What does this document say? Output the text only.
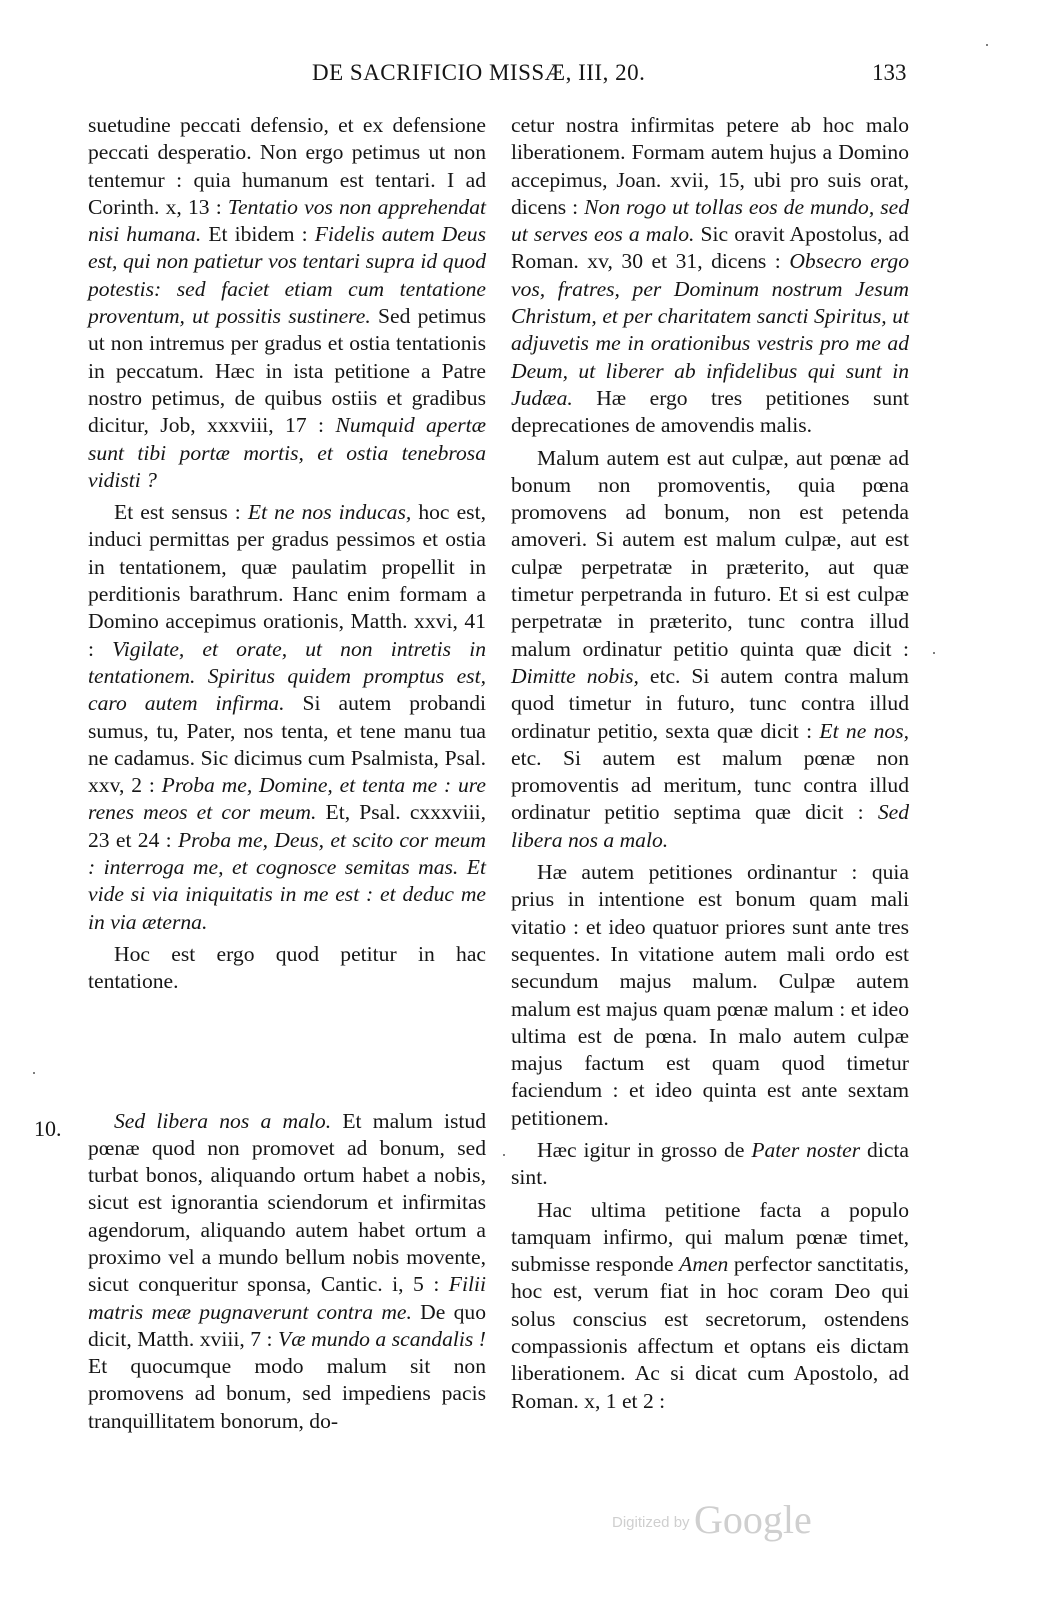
DE SACRIFICIO MISSÆ, III, 20.	133
10.

suetudine peccati defensio, et ex defensione peccati desperatio. Non ergo petimus ut non tentemur : quia humanum est tentari. I ad Corinth. x, 13 : Tentatio vos non apprehendat nisi humana. Et ibidem : Fidelis autem Deus est, qui non patietur vos tentari supra id quod potestis: sed faciet etiam cum tentatione proventum, ut possitis sustinere. Sed petimus ut non intremus per gradus et ostia tentationis in peccatum. Hæc in ista petitione a Patre nostro petimus, de quibus ostiis et gradibus dicitur, Job, xxxviii, 17 : Numquid apertæ sunt tibi portæ mortis, et ostia tenebrosa vidisti ?

Et est sensus : Et ne nos inducas, hoc est, induci permittas per gradus pessimos et ostia in tentationem, quæ paulatim propellit in perditionis barathrum. Hanc enim formam a Domino accepimus orationis, Matth. xxvi, 41 : Vigilate, et orate, ut non intretis in tentationem. Spiritus quidem promptus est, caro autem infirma. Si autem probandi sumus, tu, Pater, nos tenta, et tene manu tua ne cadamus. Sic dicimus cum Psalmista, Psal. xxv, 2 : Proba me, Domine, et tenta me : ure renes meos et cor meum. Et, Psal. cxxxviii, 23 et 24 : Proba me, Deus, et scito cor meum : interroga me, et cognosce semitas mas. Et vide si via iniquitatis in me est : et deduc me in via æterna.

Hoc est ergo quod petitur in hac tentatione.

Sed libera nos a malo. Et malum istud pœnæ quod non promovet ad bonum, sed turbat bonos, aliquando ortum habet a nobis, sicut est ignorantia sciendorum et infirmitas agendorum, aliquando autem habet ortum a proximo vel a mundo bellum nobis movente, sicut conqueritur sponsa, Cantic. i, 5 : Filii matris meæ pugnaverunt contra me. De quo dicit, Matth. xviii, 7 : Væ mundo a scandalis ! Et quocumque modo malum sit non promovens ad bonum, sed impediens pacis tranquillitatem bonorum, do-

cetur nostra infirmitas petere ab hoc malo liberationem. Formam autem hujus a Domino accepimus, Joan. xvii, 15, ubi pro suis orat, dicens : Non rogo ut tollas eos de mundo, sed ut serves eos a malo. Sic oravit Apostolus, ad Roman. xv, 30 et 31, dicens : Obsecro ergo vos, fratres, per Dominum nostrum Jesum Christum, et per charitatem sancti Spiritus, ut adjuvetis me in orationibus vestris pro me ad Deum, ut liberer ab infidelibus qui sunt in Judæa. Hæ ergo tres petitiones sunt deprecationes de amovendis malis.

Malum autem est aut culpæ, aut pœnæ ad bonum non promoventis, quia pœna promovens ad bonum, non est petenda amoveri. Si autem est malum culpæ, aut est culpæ perpetratæ in præterito, aut quæ timetur perpetranda in futuro. Et si est culpæ perpetratæ in præterito, tunc contra illud malum ordinatur petitio quinta quæ dicit : Dimitte nobis, etc. Si autem contra malum quod timetur in futuro, tunc contra illud ordinatur petitio, sexta quæ dicit : Et ne nos, etc. Si autem est malum pœnæ non promoventis ad meritum, tunc contra illud ordinatur petitio septima quæ dicit : Sed libera nos a malo.

Hæ autem petitiones ordinantur : quia prius in intentione est bonum quam mali vitatio : et ideo quatuor priores sunt ante tres sequentes. In vitatione autem mali ordo est secundum majus malum. Culpæ autem malum est majus quam pœnæ malum : et ideo ultima est de pœna. In malo autem culpæ majus factum est quam quod timetur faciendum : et ideo quinta est ante sextam petitionem.

Hæc igitur in grosso de Pater noster dicta sint.

Hac ultima petitione facta a populo tamquam infirmo, qui malum pœnæ timet, submisse responde Amen perfector sanctitatis, hoc est, verum fiat in hoc coram Deo qui solus conscius est secretorum, ostendens compassionis affectum et optans eis dictam liberationem. Ac si dicat cum Apostolo, ad Roman. x, 1 et 2 :

Digitized by Google
